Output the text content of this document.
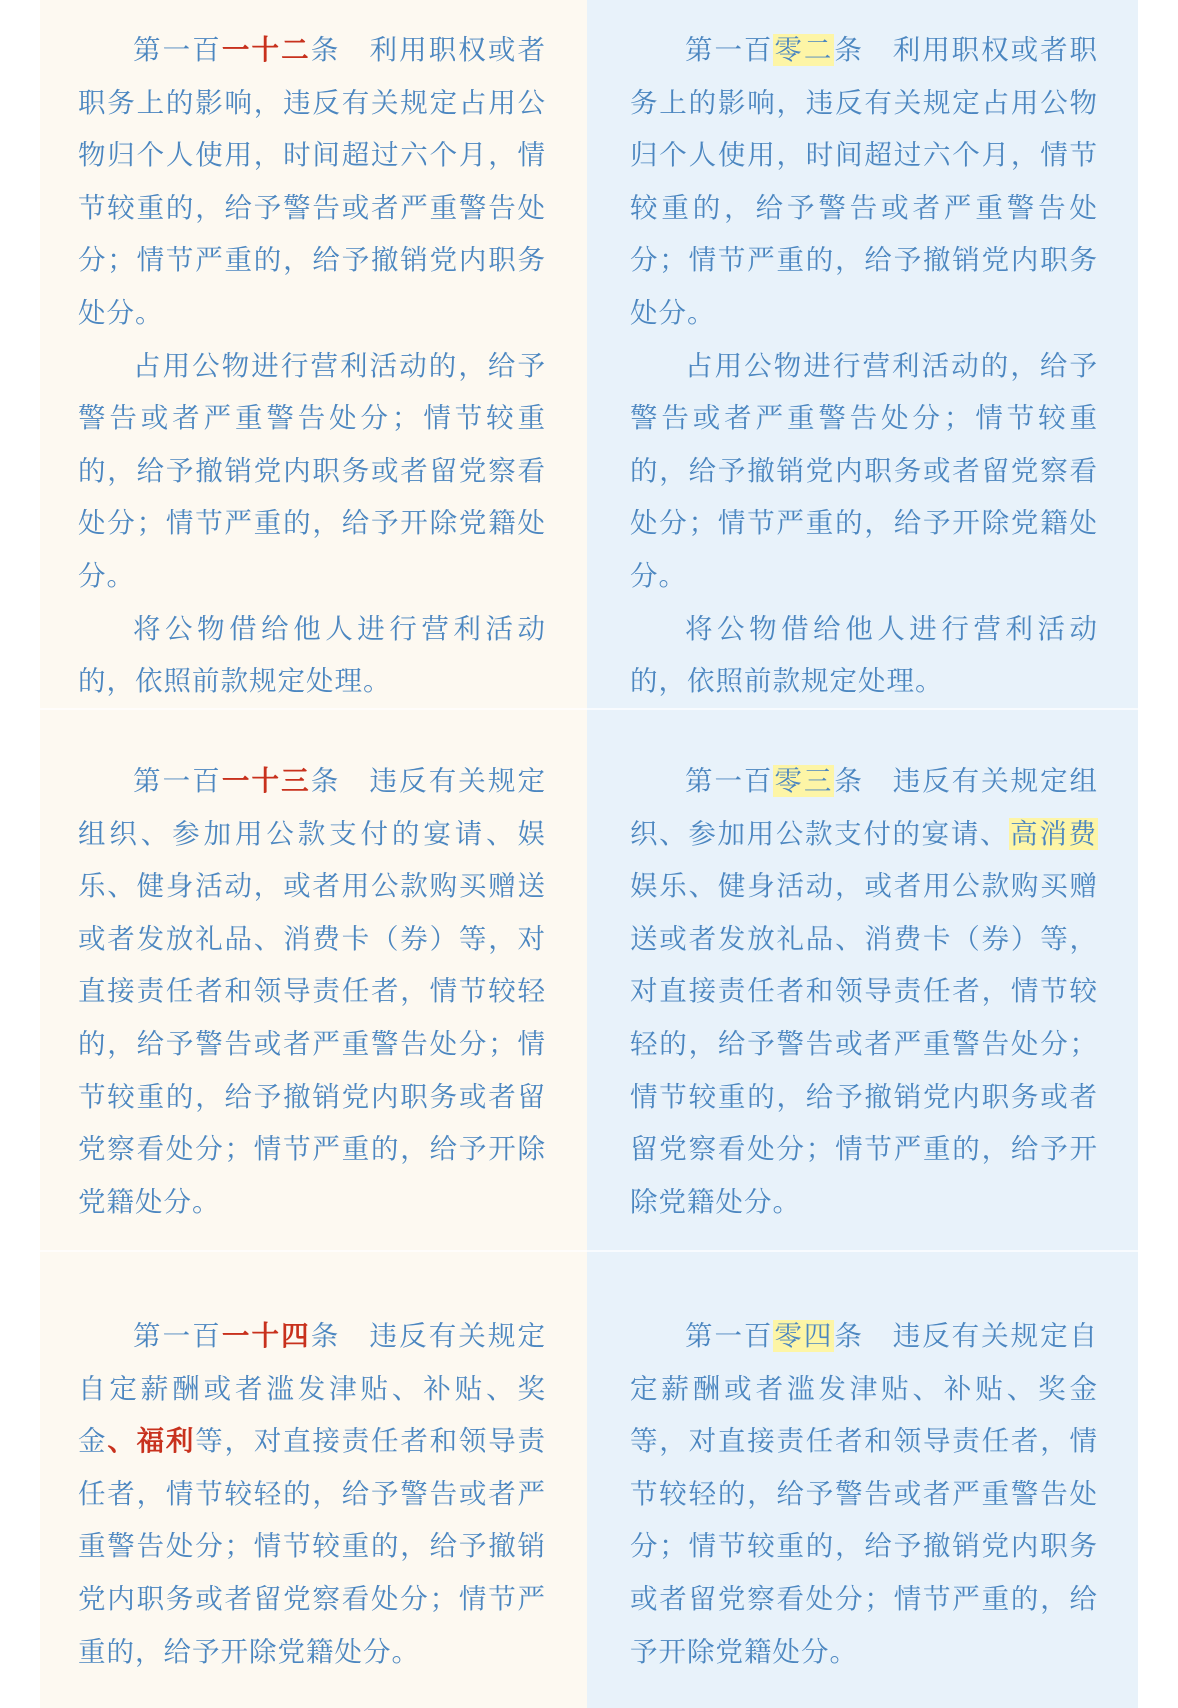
第一百一十二条 利用职权或者职务上的影响，违反有关规定占用公物归个人使用，时间超过六个月，情节较重的，给予警告或者严重警告处分；情节严重的，给予撤销党内职务处分。

占用公物进行营利活动的，给予警告或者严重警告处分；情节较重的，给予撤销党内职务或者留党察看处分；情节严重的，给予开除党籍处分。

将公物借给他人进行营利活动的，依照前款规定处理。

第一百一十三条 违反有关规定组织、参加用公款支付的宴请、娱乐、健身活动，或者用公款购买赠送或者发放礼品、消费卡（券）等，对直接责任者和领导责任者，情节较轻的，给予警告或者严重警告处分；情节较重的，给予撤销党内职务或者留党察看处分；情节严重的，给予开除党籍处分。

第一百一十四条 违反有关规定自定薪酬或者滥发津贴、补贴、奖金、福利等，对直接责任者和领导责任者，情节较轻的，给予警告或者严重警告处分；情节较重的，给予撤销党内职务或者留党察看处分；情节严重的，给予开除党籍处分。

第一百零二条 利用职权或者职务上的影响，违反有关规定占用公物归个人使用，时间超过六个月，情节较重的，给予警告或者严重警告处分；情节严重的，给予撤销党内职务处分。

占用公物进行营利活动的，给予警告或者严重警告处分；情节较重的，给予撤销党内职务或者留党察看处分；情节严重的，给予开除党籍处分。

将公物借给他人进行营利活动的，依照前款规定处理。

第一百零三条 违反有关规定组织、参加用公款支付的宴请、高消费娱乐、健身活动，或者用公款购买赠送或者发放礼品、消费卡（券）等，对直接责任者和领导责任者，情节较轻的，给予警告或者严重警告处分；情节较重的，给予撤销党内职务或者留党察看处分；情节严重的，给予开除党籍处分。

第一百零四条 违反有关规定自定薪酬或者滥发津贴、补贴、奖金等，对直接责任者和领导责任者，情节较轻的，给予警告或者严重警告处分；情节较重的，给予撤销党内职务或者留党察看处分；情节严重的，给予开除党籍处分。
